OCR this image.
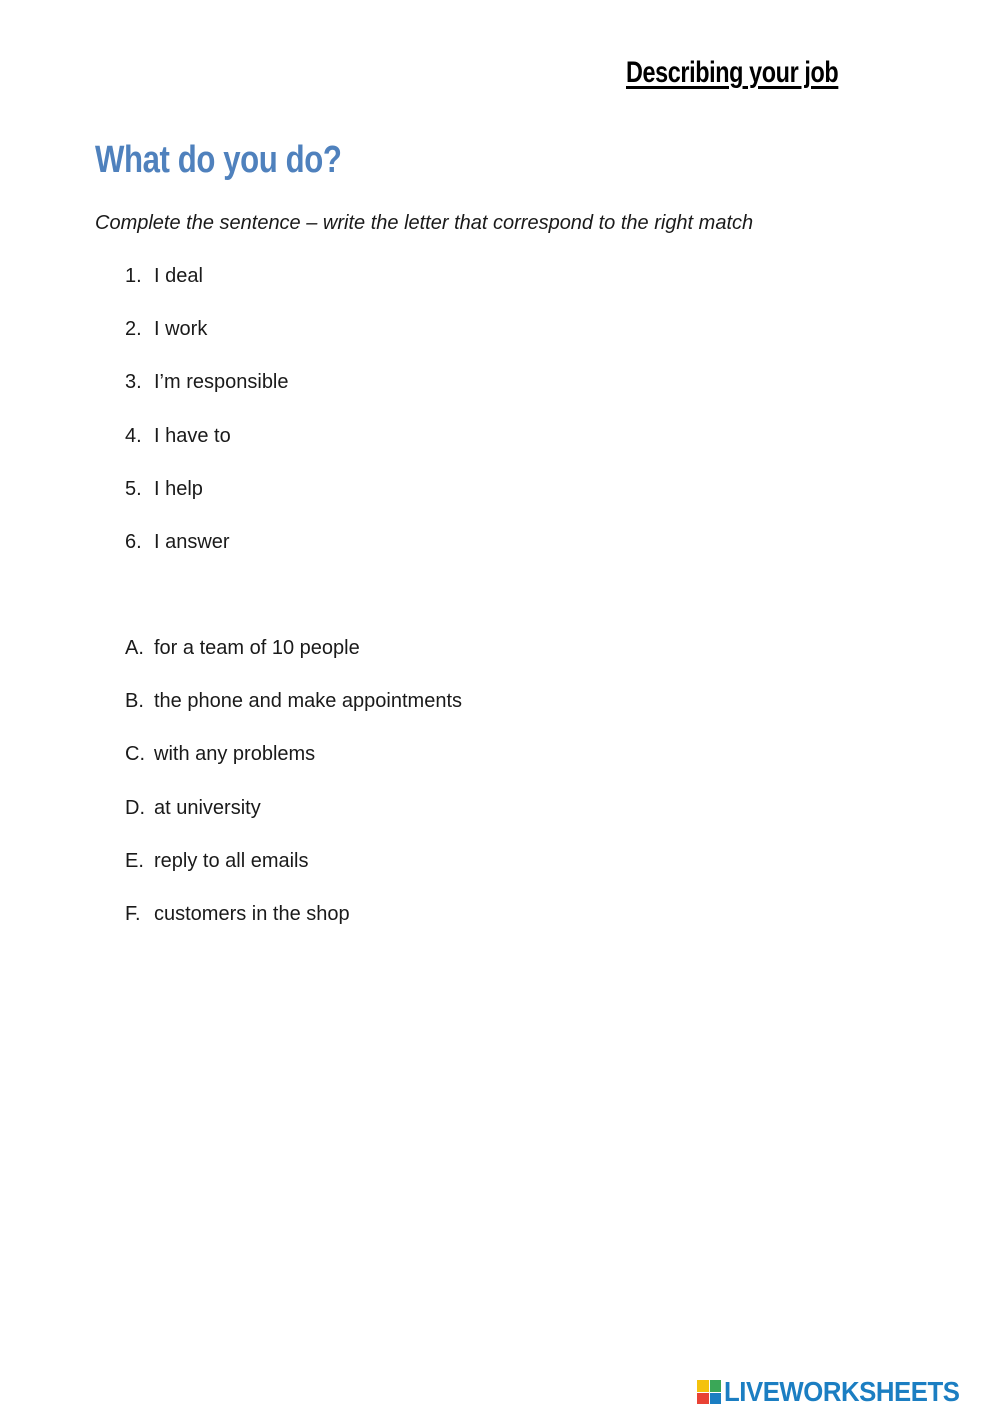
Describing your job
What do you do?

Complete the sentence – write the letter that correspond to the right match

1. I deal
2. I work
3. I’m responsible
4. I have to
5. I help
6. I answer
A. for a team of 10 people
B. the phone and make appointments
C. with any problems
D. at university
E. reply to all emails
F. customers in the shop
LIVEWORKSHEETS
